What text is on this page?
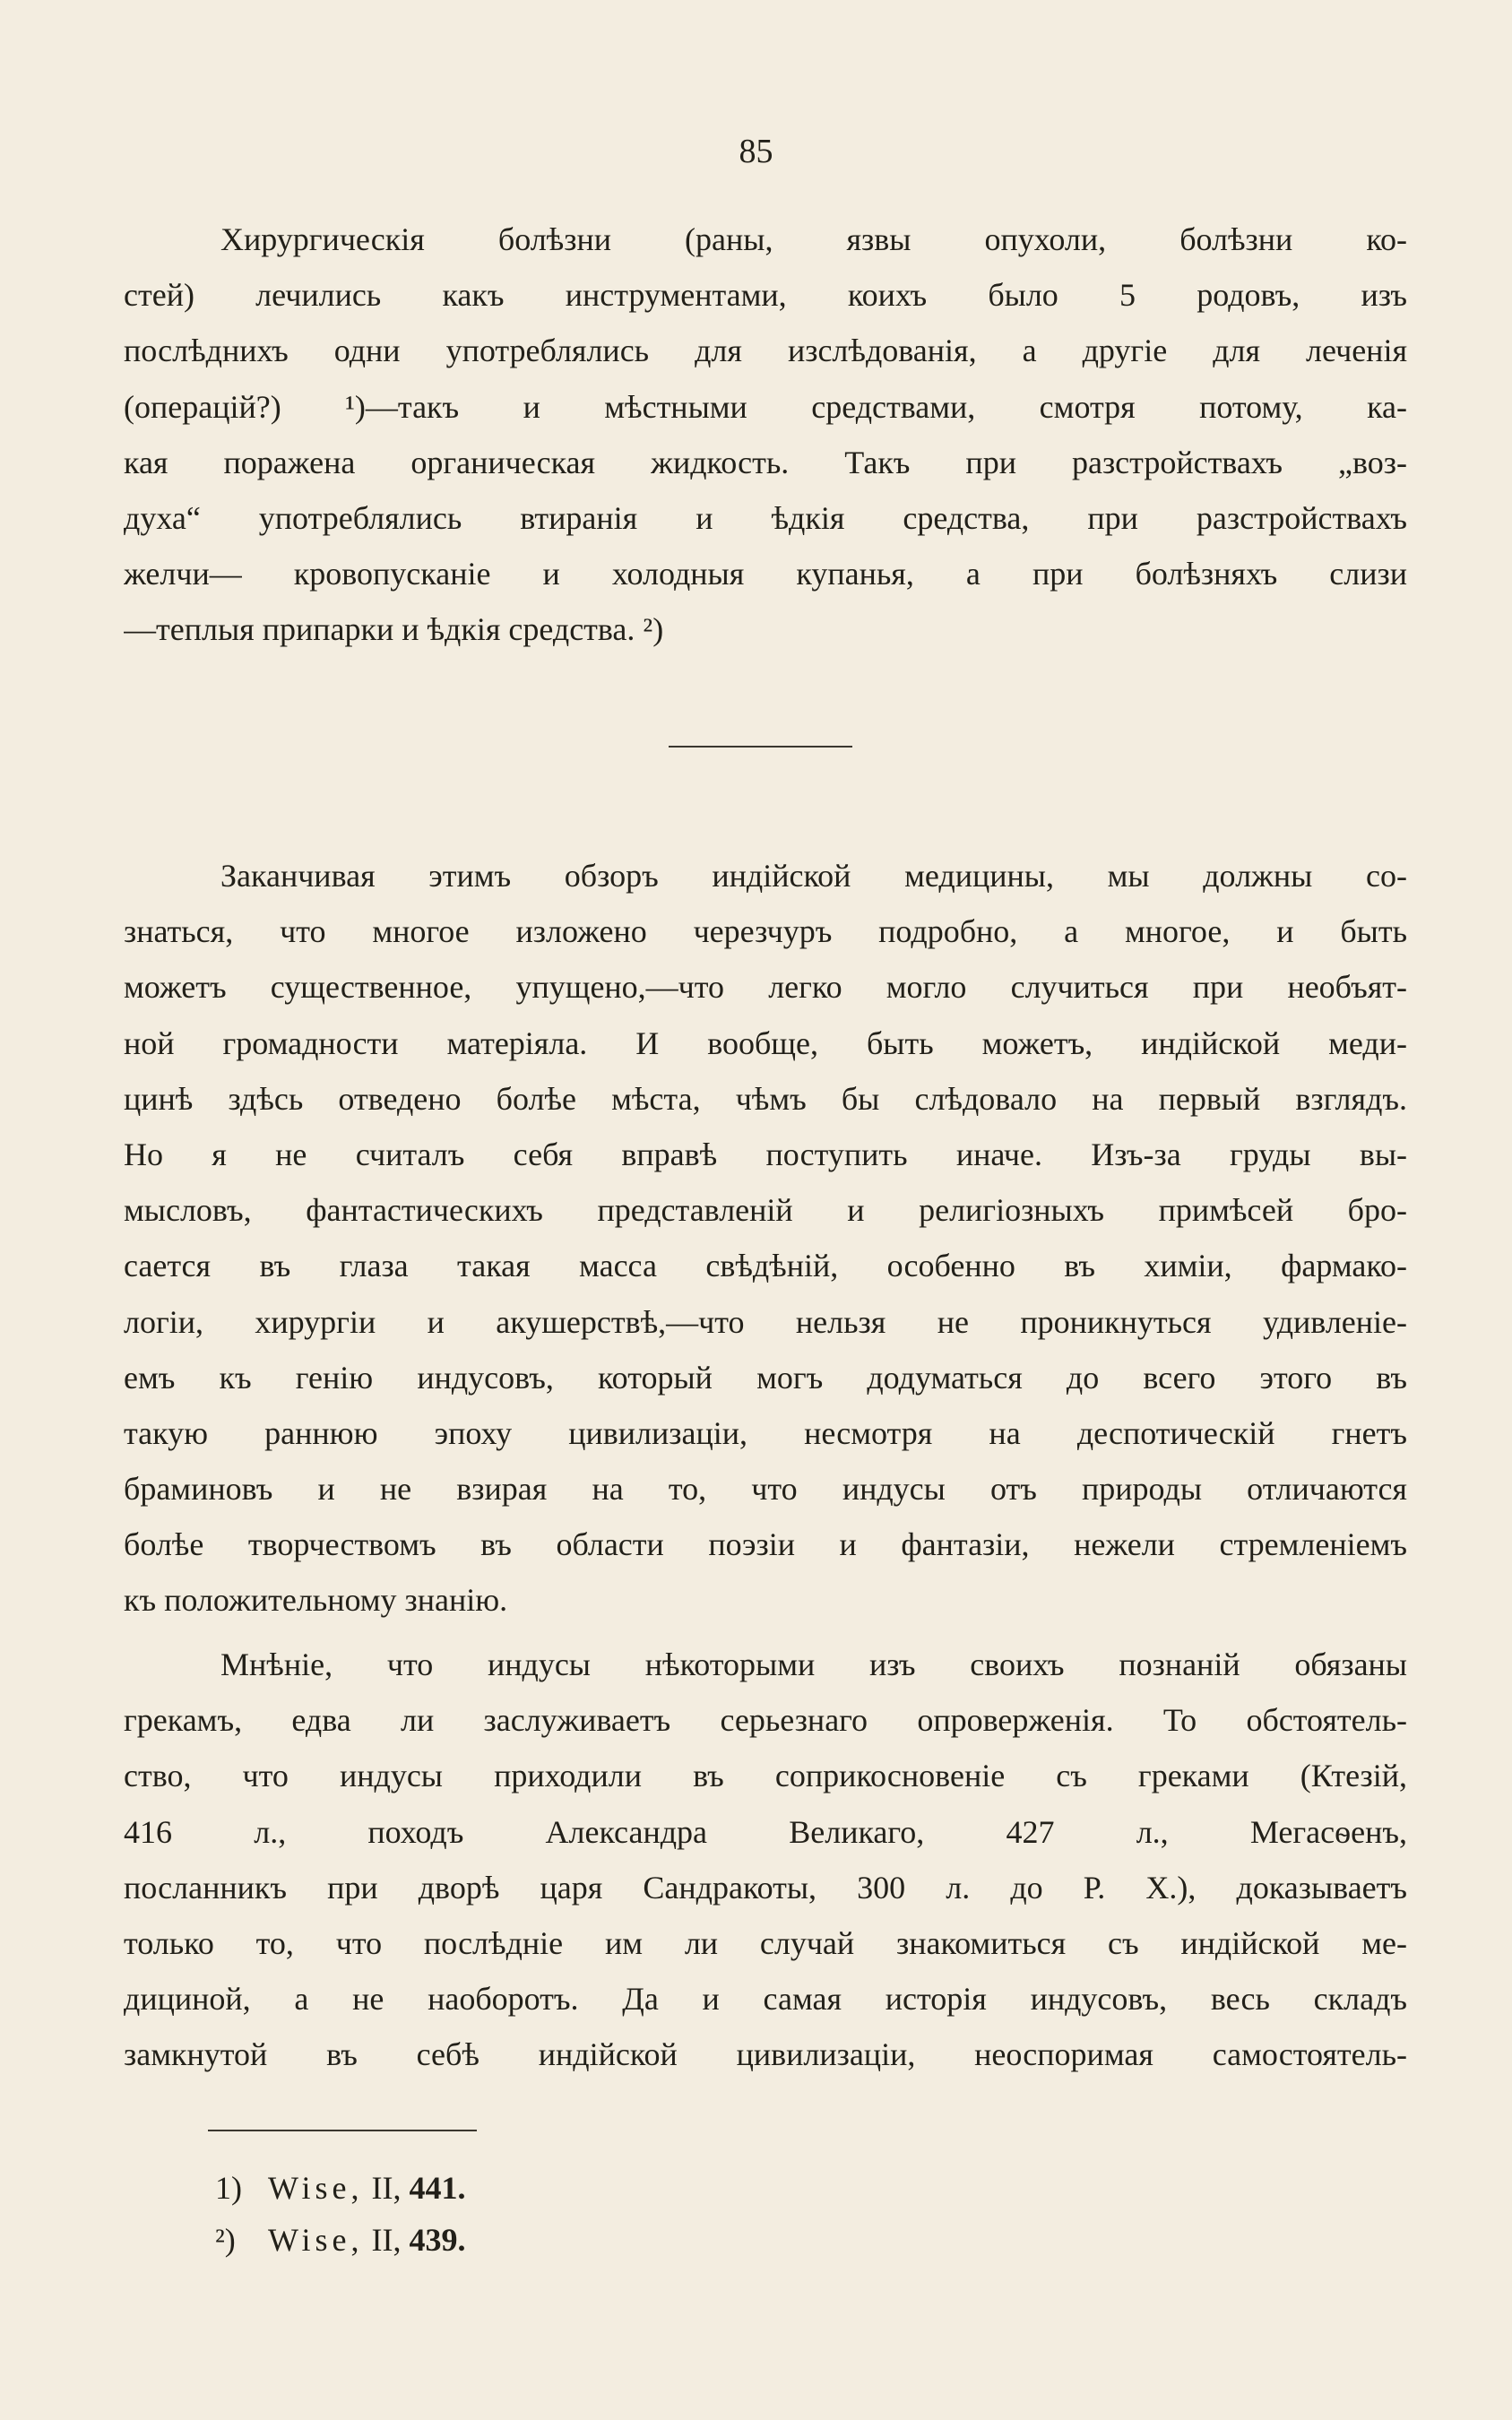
85
Хирургическія болѣзни (раны, язвы опухоли, болѣзни ко-
стей) лечились какъ инструментами, коихъ было 5 родовъ, изъ
послѣднихъ одни употреблялись для изслѣдованія, а другіе для леченія
(операцій?) ¹)—такъ и мѣстными средствами, смотря потому, ка-
кая поражена органическая жидкость. Такъ при разстройствахъ „воз-
духа“ употреблялись втиранія и ѣдкія средства, при разстройствахъ
желчи— кровопусканіе и холодныя купанья, а при болѣзняхъ слизи
—теплыя припарки и ѣдкія средства. ²)
Заканчивая этимъ обзоръ индійской медицины, мы должны со-
знаться, что многое изложено черезчуръ подробно, а многое, и быть
можетъ существенное, упущено,—что легко могло случиться при необъят-
ной громадности матеріяла. И вообще, быть можетъ, индійской меди-
цинѣ здѣсь отведено болѣе мѣста, чѣмъ бы слѣдовало на первый взглядъ.
Но я не считалъ себя вправѣ поступить иначе. Изъ-за груды вы-
мысловъ, фантастическихъ представленій и религіозныхъ примѣсей бро-
сается въ глаза такая масса свѣдѣній, особенно въ химіи, фармако-
логіи, хирургіи и акушерствѣ,—что нельзя не проникнуться удивленіе-
емъ къ генію индусовъ, который могъ додуматься до всего этого въ
такую раннюю эпоху цивилизаціи, несмотря на деспотическій гнетъ
браминовъ и не взирая на то, что индусы отъ природы отличаются
болѣе творчествомъ въ области поэзіи и фантазіи, нежели стремленіемъ
къ положительному знанію.
Мнѣніе, что индусы нѣкоторыми изъ своихъ познаній обязаны
грекамъ, едва ли заслуживаетъ серьезнаго опроверженія. То обстоятель-
ство, что индусы приходили въ соприкосновеніе съ греками (Ктезій,
416 л., походъ Александра Великаго, 427 л., Мегасѳенъ,
посланникъ при дворѣ царя Сандракоты, 300 л. до Р. X.), доказываетъ
только то, что послѣдніе им ли случай знакомиться съ индійской ме-
дициной, а не наоборотъ. Да и самая исторія индусовъ, весь складъ
замкнутой въ себѣ индійской цивилизаціи, неоспоримая самостоятель-
1) Wise, II, 441.
²) Wise, II, 439.
